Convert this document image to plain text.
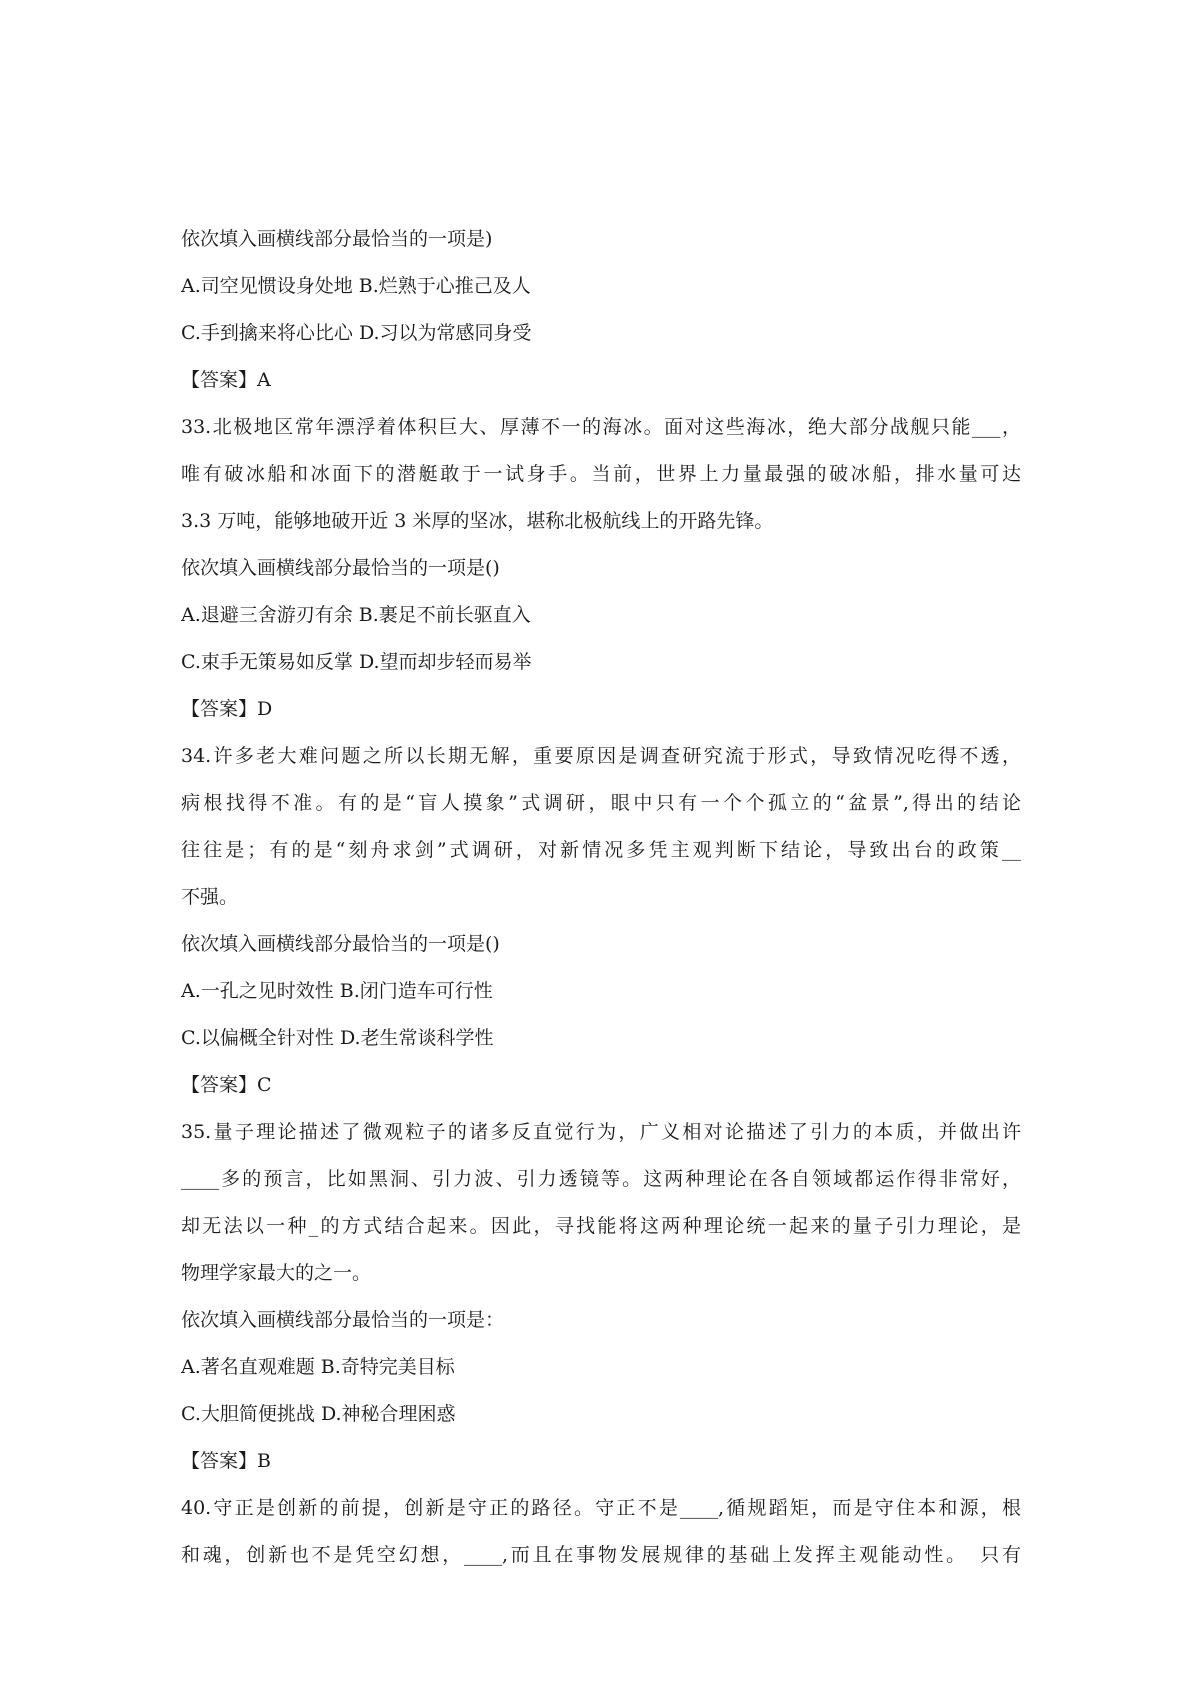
依次填入画横线部分最恰当的一项是)
A.司空见惯设身处地 B.烂熟于心推己及人
C.手到擒来将心比心 D.习以为常感同身受
【答案】A
33.北极地区常年漂浮着体积巨大、厚薄不一的海冰。面对这些海冰，绝大部分战舰只能___，
唯有破冰船和冰面下的潜艇敢于一试身手。当前，世界上力量最强的破冰船，排水量可达
3.3 万吨，能够地破开近 3 米厚的坚冰，堪称北极航线上的开路先锋。
依次填入画横线部分最恰当的一项是()
A.退避三舍游刃有余 B.裹足不前长驱直入
C.束手无策易如反掌 D.望而却步轻而易举
【答案】D
34.许多老大难问题之所以长期无解，重要原因是调查研究流于形式，导致情况吃得不透，
病根找得不准。有的是“盲人摸象”式调研，眼中只有一个个孤立的“盆景”,得出的结论
往往是；有的是“刻舟求剑”式调研，对新情况多凭主观判断下结论，导致出台的政策__
不强。
依次填入画横线部分最恰当的一项是()
A.一孔之见时效性 B.闭门造车可行性
C.以偏概全针对性 D.老生常谈科学性
【答案】C
35.量子理论描述了微观粒子的诸多反直觉行为，广义相对论描述了引力的本质，并做出许
____多的预言，比如黑洞、引力波、引力透镜等。这两种理论在各自领域都运作得非常好，
却无法以一种_的方式结合起来。因此，寻找能将这两种理论统一起来的量子引力理论，是
物理学家最大的之一。
依次填入画横线部分最恰当的一项是：
A.著名直观难题 B.奇特完美目标
C.大胆简便挑战 D.神秘合理困惑
【答案】B
40.守正是创新的前提，创新是守正的路径。守正不是____,循规蹈矩，而是守住本和源，根
和魂，创新也不是凭空幻想，____,而且在事物发展规律的基础上发挥主观能动性。　只有
